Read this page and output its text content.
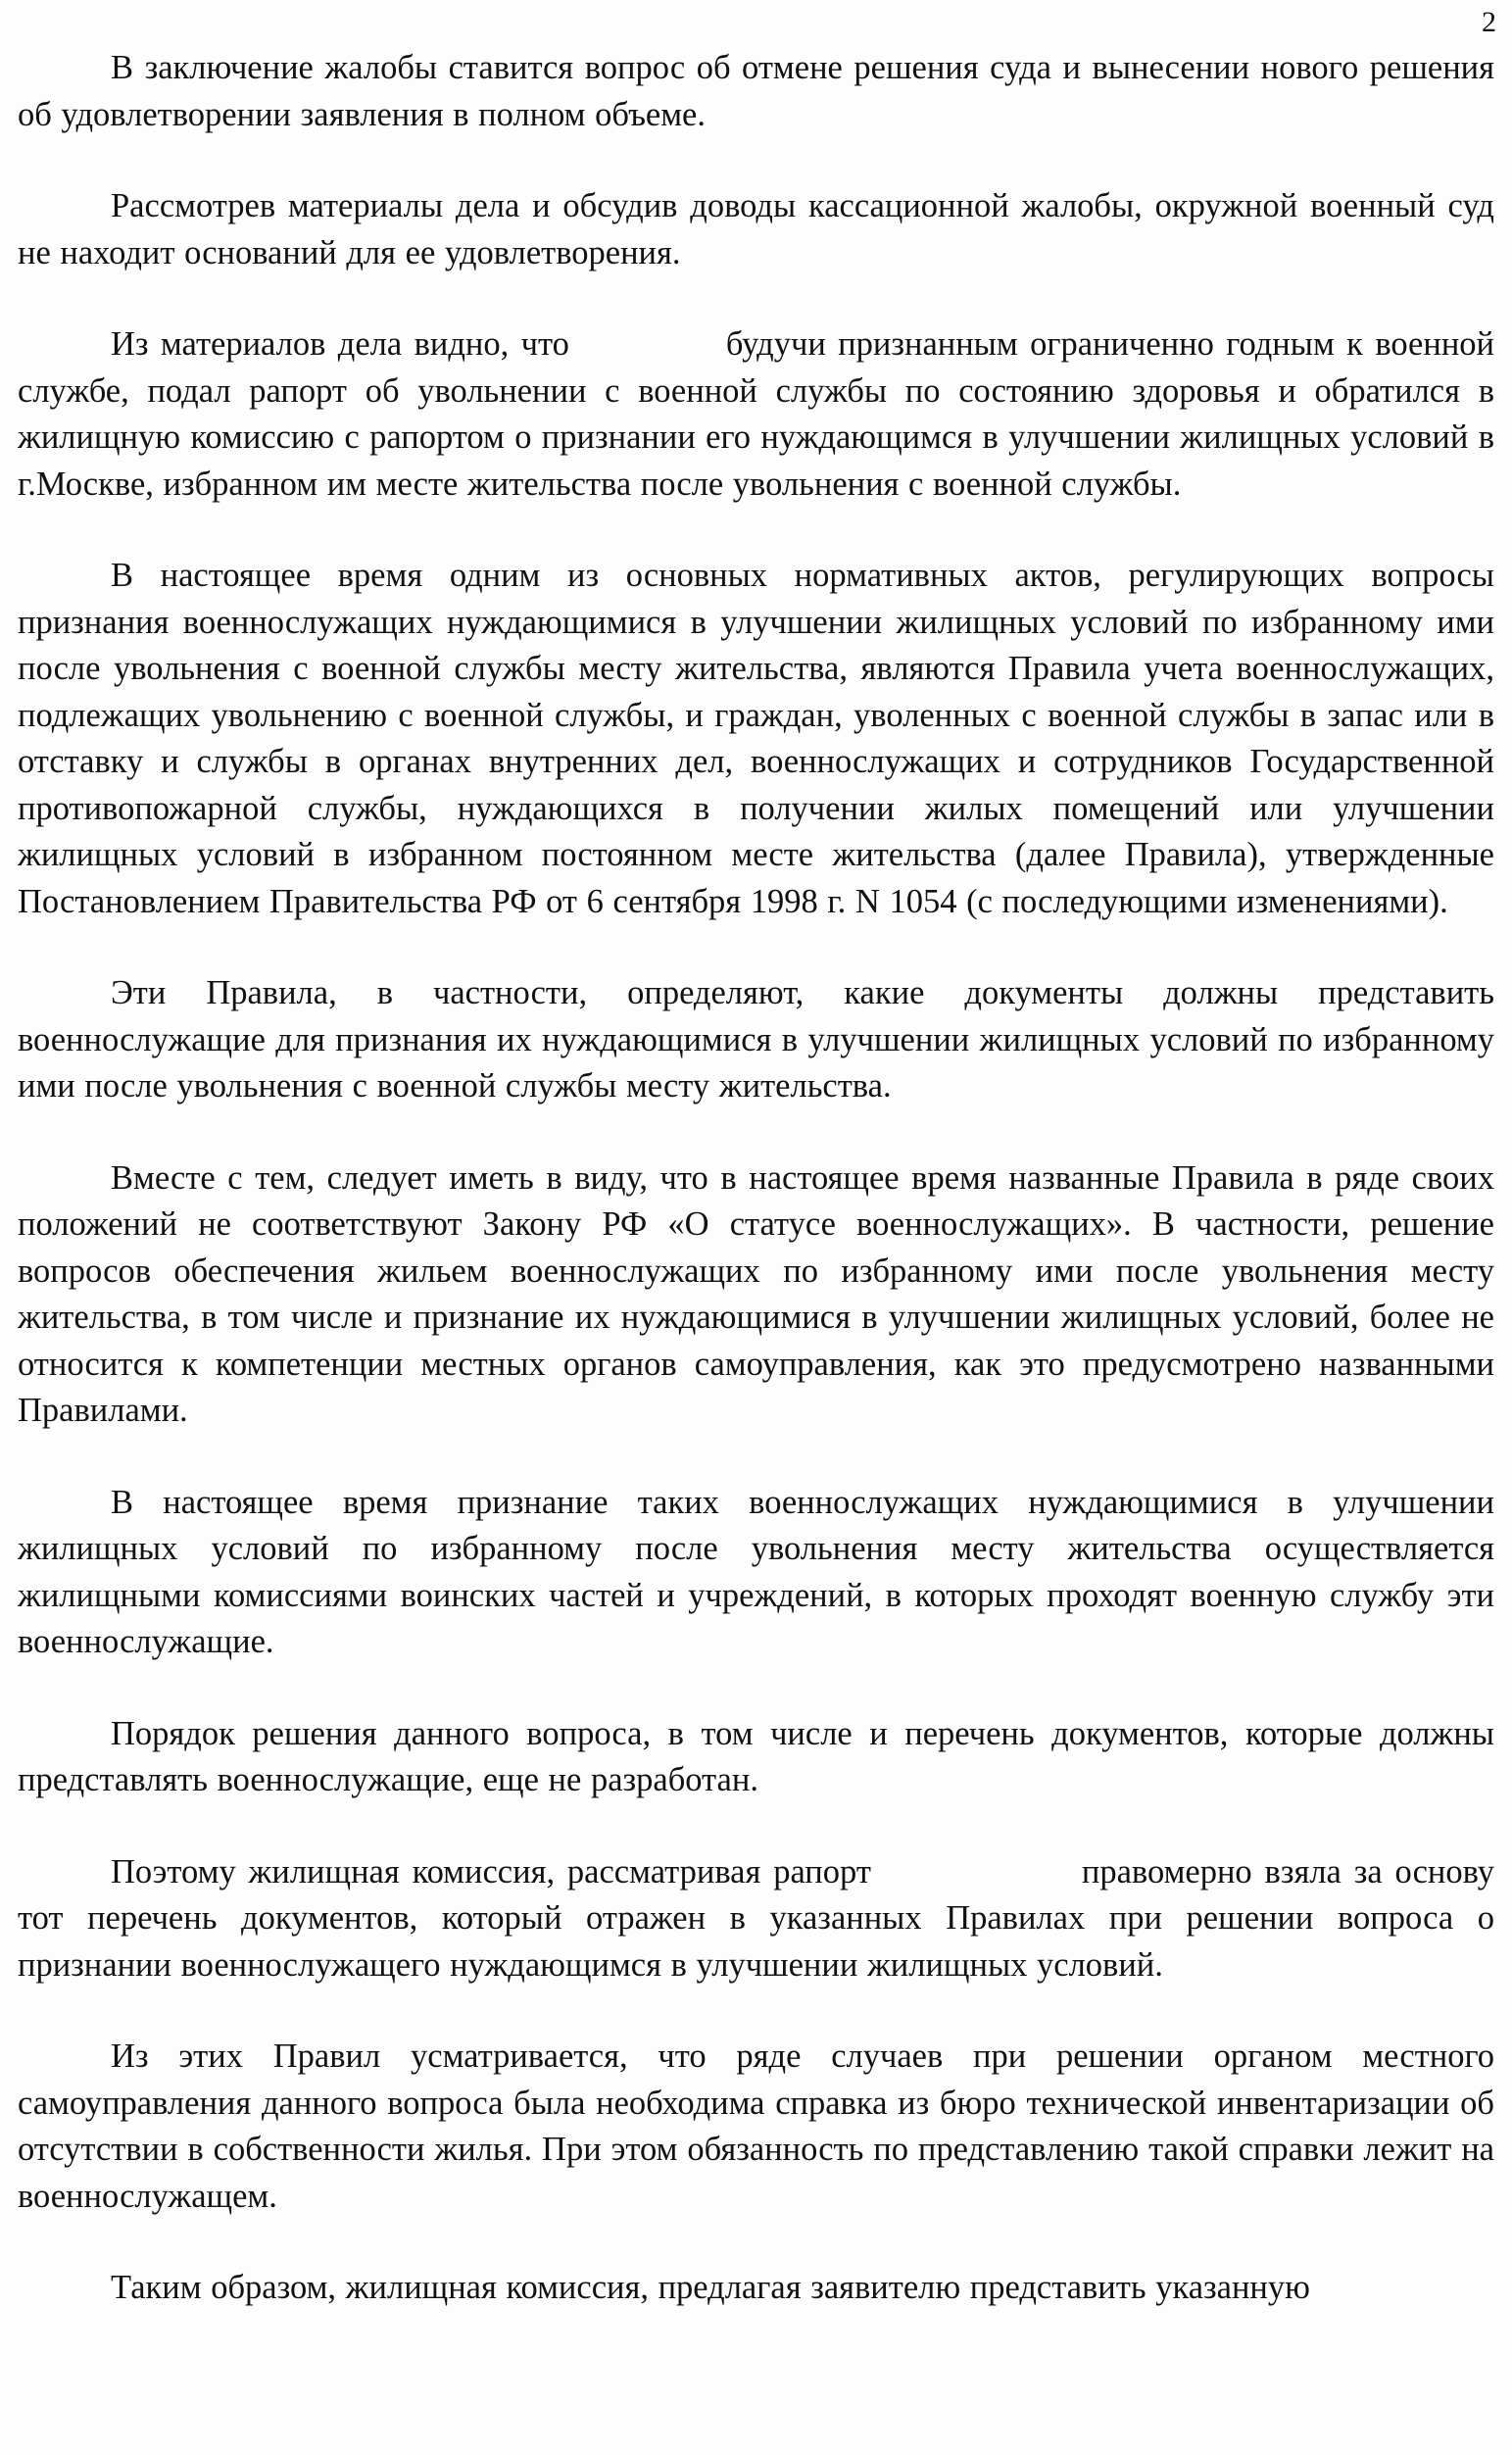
2

В заключение жалобы ставится вопрос об отмене решения суда и вынесении нового решения об удовлетворении заявления в полном объеме.

Рассмотрев материалы дела и обсудив доводы кассационной жалобы, окружной военный суд не находит оснований для ее удовлетворения.

Из материалов дела видно, что	будучи признанным ограниченно годным к военной службе, подал рапорт об увольнении с военной службы по состоянию здоровья и обратился в жилищную комиссию с рапортом о признании его нуждающимся в улучшении жилищных условий в г.Москве, избранном им месте жительства после увольнения с военной службы.

В настоящее время одним из основных нормативных актов, регулирующих вопросы признания военнослужащих нуждающимися в улучшении жилищных условий по избранному ими после увольнения с военной службы месту жительства, являются Правила учета военнослужащих, подлежащих увольнению с военной службы, и граждан, уволенных с военной службы в запас или в отставку и службы в органах внутренних дел, военнослужащих и сотрудников Государственной противопожарной службы, нуждающихся в получении жилых помещений или улучшении жилищных условий в избранном постоянном месте жительства (далее Правила), утвержденные Постановлением Правительства РФ от 6 сентября 1998 г. N 1054 (с последующими изменениями).

Эти Правила, в частности, определяют, какие документы должны представить военнослужащие для признания их нуждающимися в улучшении жилищных условий по избранному ими после увольнения с военной службы месту жительства.

Вместе с тем, следует иметь в виду, что в настоящее время названные Правила в ряде своих положений не соответствуют Закону РФ «О статусе военнослужащих». В частности, решение вопросов обеспечения жильем военнослужащих по избранному ими после увольнения месту жительства, в том числе и признание их нуждающимися в улучшении жилищных условий, более не относится к компетенции местных органов самоуправления, как это предусмотрено названными Правилами.

В настоящее время признание таких военнослужащих нуждающимися в улучшении жилищных условий по избранному после увольнения месту жительства осуществляется жилищными комиссиями воинских частей и учреждений, в которых проходят военную службу эти военнослужащие.

Порядок решения данного вопроса, в том числе и перечень документов, которые должны представлять военнослужащие, еще не разработан.

Поэтому жилищная комиссия, рассматривая рапорт	правомерно взяла за основу тот перечень документов, который отражен в указанных Правилах при решении вопроса о признании военнослужащего нуждающимся в улучшении жилищных условий.

Из этих Правил усматривается, что ряде случаев при решении органом местного самоуправления данного вопроса была необходима справка из бюро технической инвентаризации об отсутствии в собственности жилья. При этом обязанность по представлению такой справки лежит на военнослужащем.

Таким образом, жилищная комиссия, предлагая заявителю представить указанную
